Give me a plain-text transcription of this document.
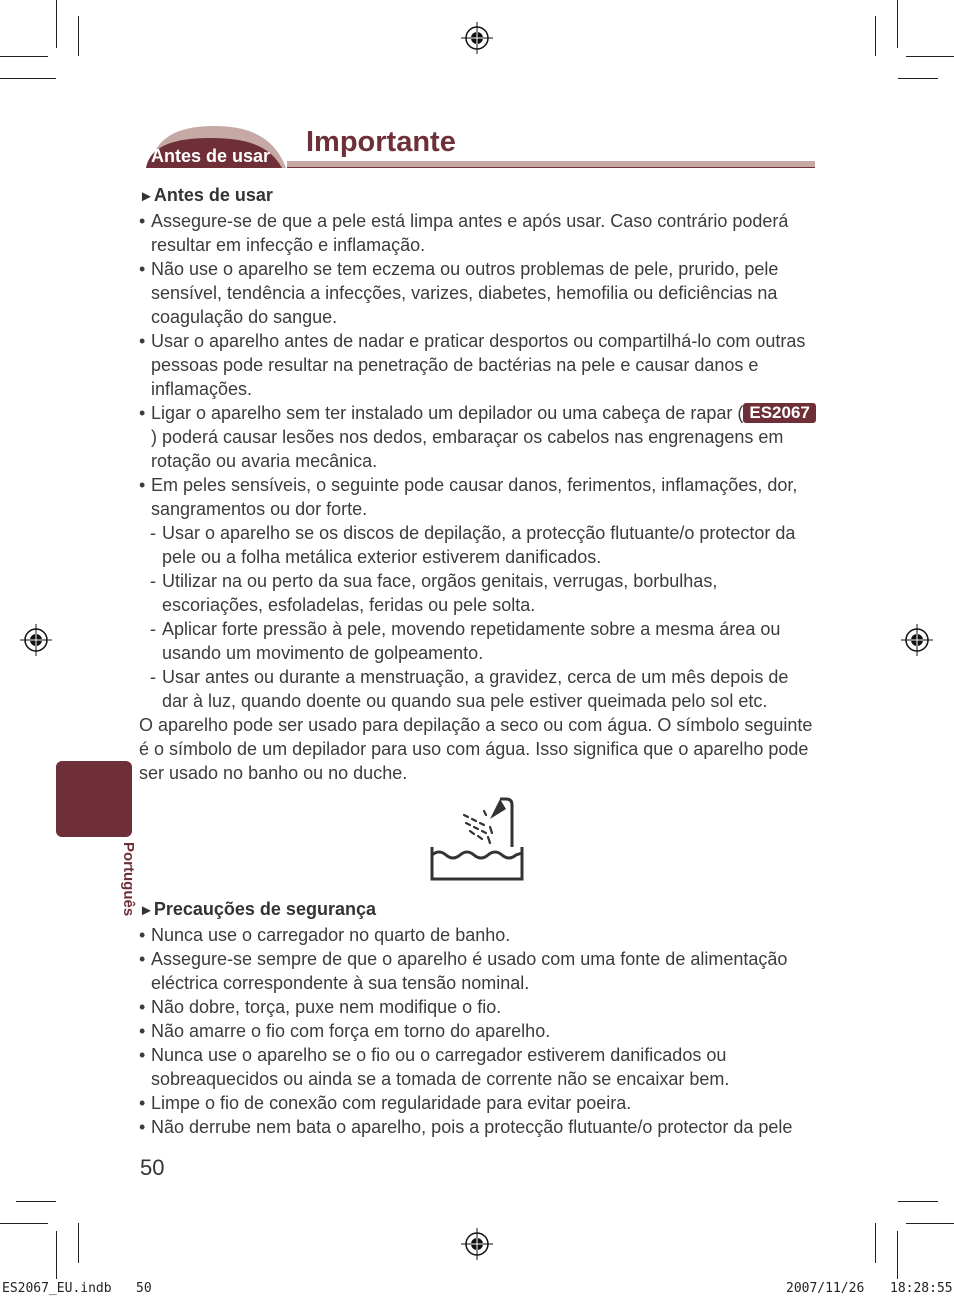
Antes de usar Importante
►Antes de usar
• Assegure-se de que a pele está limpa antes e após usar. Caso contrário poderá resultar em infecção e inflamação.
• Não use o aparelho se tem eczema ou outros problemas de pele, prurido, pele sensível, tendência a infecções, varizes, diabetes, hemofilia ou deficiências na coagulação do sangue.
• Usar o aparelho antes de nadar e praticar desportos ou compartilhá-lo com outras pessoas pode resultar na penetração de bactérias na pele e causar danos e inflamações.
• Ligar o aparelho sem ter instalado um depilador ou uma cabeça de rapar ( ES2067) poderá causar lesões nos dedos, embaraçar os cabelos nas engrenagens em rotação ou avaria mecânica.
• Em peles sensíveis, o seguinte pode causar danos, ferimentos, inflamações, dor, sangramentos ou dor forte.
- Usar o aparelho se os discos de depilação, a protecção flutuante/o protector da pele ou a folha metálica exterior estiverem danificados.
- Utilizar na ou perto da sua face, orgãos genitais, verrugas, borbulhas, escoriações, esfoladelas, feridas ou pele solta.
- Aplicar forte pressão à pele, movendo repetidamente sobre a mesma área ou usando um movimento de golpeamento.
- Usar antes ou durante a menstruação, a gravidez, cerca de um mês depois de dar à luz, quando doente ou quando sua pele estiver queimada pelo sol etc.
O aparelho pode ser usado para depilação a seco ou com água. O símbolo seguinte é o símbolo de um depilador para uso com água. Isso significa que o aparelho pode ser usado no banho ou no duche.
►Precauções de segurança
• Nunca use o carregador no quarto de banho.
• Assegure-se sempre de que o aparelho é usado com uma fonte de alimentação eléctrica correspondente à sua tensão nominal.
• Não dobre, torça, puxe nem modifique o fio.
• Não amarre o fio com força em torno do aparelho.
• Nunca use o aparelho se o fio ou o carregador estiverem danificados ou sobreaquecidos ou ainda se a tomada de corrente não se encaixar bem.
• Limpe o fio de conexão com regularidade para evitar poeira.
• Não derrube nem bata o aparelho, pois a protecção flutuante/o protector da pele
Português
50
ES2067_EU.indb 50	2007/11/26 18:28:55
